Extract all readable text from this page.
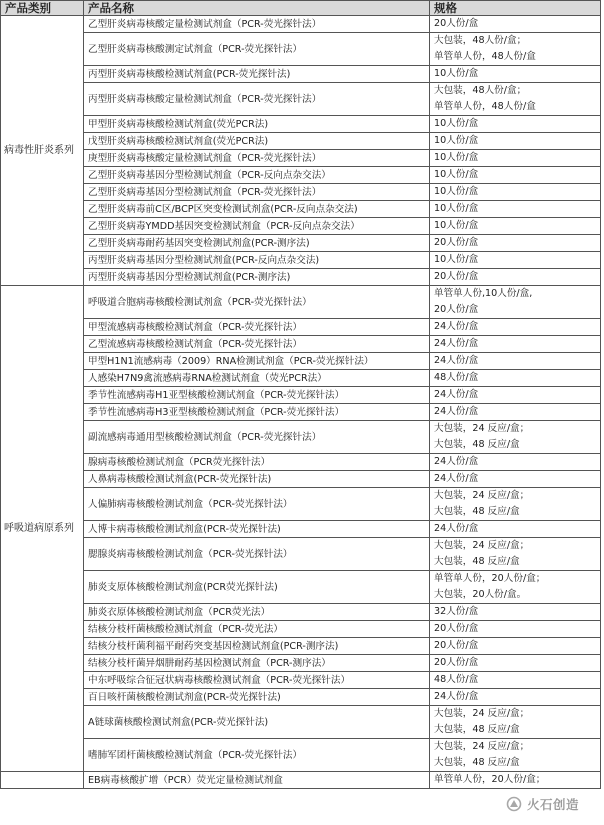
产品类别	产品名称	规格
病毒性肝炎系列	乙型肝炎病毒核酸定量检测试剂盒（PCR-荧光探针法）	20人份/盒

	乙型肝炎病毒核酸测定试剂盒（PCR-荧光探针法）	大包装，48人份/盒；
单管单人份，48人份/盒

	丙型肝炎病毒核酸检测试剂盒(PCR-荧光探针法)	10人份/盒

	丙型肝炎病毒核酸定量检测试剂盒（PCR-荧光探针法）	大包装，48人份/盒；
单管单人份，48人份/盒

	甲型肝炎病毒核酸检测试剂盒(荧光PCR法)	10人份/盒

	戊型肝炎病毒核酸检测试剂盒(荧光PCR法)	10人份/盒

	庚型肝炎病毒核酸定量检测试剂盒（PCR-荧光探针法）	10人份/盒

	乙型肝炎病毒基因分型检测试剂盒（PCR-反向点杂交法）	10人份/盒

	乙型肝炎病毒基因分型检测试剂盒（PCR-荧光探针法）	10人份/盒

	乙型肝炎病毒前C区/BCP区突变检测试剂盒(PCR-反向点杂交法)	10人份/盒

	乙型肝炎病毒YMDD基因突变检测试剂盒（PCR-反向点杂交法）	10人份/盒

	乙型肝炎病毒耐药基因突变检测试剂盒(PCR-测序法)	20人份/盒

	丙型肝炎病毒基因分型检测试剂盒(PCR-反向点杂交法)	10人份/盒

	丙型肝炎病毒基因分型检测试剂盒(PCR-测序法)	20人份/盒

呼吸道病原系列	呼吸道合胞病毒核酸检测试剂盒（PCR-荧光探针法）	单管单人份,10人份/盒,
20人份/盒

	甲型流感病毒核酸检测试剂盒（PCR-荧光探针法）	24人份/盒

	乙型流感病毒核酸检测试剂盒（PCR-荧光探针法）	24人份/盒

	甲型H1N1流感病毒（2009）RNA检测试剂盒（PCR-荧光探针法）	24人份/盒

	人感染H7N9禽流感病毒RNA检测试剂盒（荧光PCR法）	48人份/盒

	季节性流感病毒H1亚型核酸检测试剂盒（PCR-荧光探针法）	24人份/盒

	季节性流感病毒H3亚型核酸检测试剂盒（PCR-荧光探针法）	24人份/盒

	副流感病毒通用型核酸检测试剂盒（PCR-荧光探针法）	大包装，24 反应/盒；
大包装，48 反应/盒

	腺病毒核酸检测试剂盒（PCR荧光探针法）	24人份/盒

	人鼻病毒核酸检测试剂盒(PCR-荧光探针法)	24人份/盒

	人偏肺病毒核酸检测试剂盒（PCR-荧光探针法）	大包装，24 反应/盒；
大包装，48 反应/盒

	人博卡病毒核酸检测试剂盒(PCR-荧光探针法)	24人份/盒

	腮腺炎病毒核酸检测试剂盒（PCR-荧光探针法）	大包装，24 反应/盒；
大包装，48 反应/盒

	肺炎支原体核酸检测试剂盒(PCR荧光探针法)	单管单人份，20人份/盒；
大包装，20人份/盒。

	肺炎衣原体核酸检测试剂盒（PCR荧光法）	32人份/盒

	结核分枝杆菌核酸检测试剂盒（PCR-荧光法）	20人份/盒

	结核分枝杆菌利福平耐药突变基因检测试剂盒(PCR-测序法)	20人份/盒

	结核分枝杆菌异烟肼耐药基因检测试剂盒（PCR-测序法）	20人份/盒

	中东呼吸综合征冠状病毒核酸检测试剂盒（PCR-荧光探针法）	48人份/盒

	百日咳杆菌核酸检测试剂盒(PCR-荧光探针法)	24人份/盒

	A链球菌核酸检测试剂盒(PCR-荧光探针法)	大包装，24 反应/盒；
大包装，48 反应/盒

	嗜肺军团杆菌核酸检测试剂盒（PCR-荧光探针法）	大包装，24 反应/盒；
大包装，48 反应/盒

	EB病毒核酸扩增（PCR）荧光定量检测试剂盒	单管单人份，20人份/盒；
火石创造
